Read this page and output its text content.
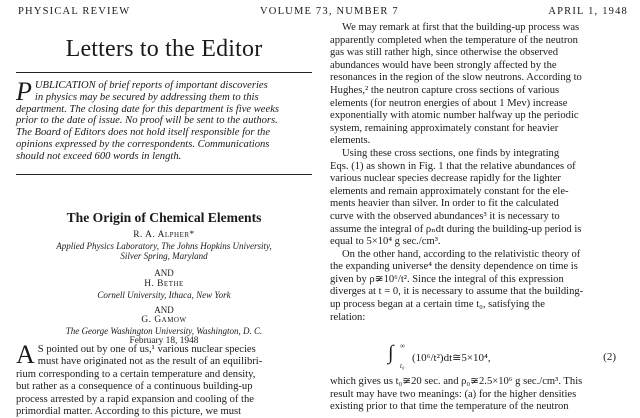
PHYSICAL REVIEW	VOLUME 73, NUMBER 7	APRIL 1, 1948
Letters to the Editor
P UBLICATION of brief reports of important discoveries
in physics may be secured by addressing them to this
department. The closing date for this department is five weeks
prior to the date of issue. No proof will be sent to the authors.
The Board of Editors does not hold itself responsible for the
opinions expressed by the correspondents. Communications
should not exceed 600 words in length.
The Origin of Chemical Elements
R. A. Alpher*
Applied Physics Laboratory, The Johns Hopkins University,
Silver Spring, Maryland
AND
H. Bethe
Cornell University, Ithaca, New York
AND
G. Gamow
The George Washington University, Washington, D. C.
February 18, 1948
A S pointed out by one of us,¹ various nuclear species
must have originated not as the result of an equilibri-
rium corresponding to a certain temperature and density,
but rather as a consequence of a continuous building-up
process arrested by a rapid expansion and cooling of the
primordial matter. According to this picture, we must
We may remark at first that the building-up process was
apparently completed when the temperature of the neutron
gas was still rather high, since otherwise the observed
abundances would have been strongly affected by the
resonances in the region of the slow neutrons. According to
Hughes,² the neutron capture cross sections of various
elements (for neutron energies of about 1 Mev) increase
exponentially with atomic number halfway up the periodic
system, remaining approximately constant for heavier
elements.
Using these cross sections, one finds by integrating
Eqs. (1) as shown in Fig. 1 that the relative abundances of
various nuclear species decrease rapidly for the lighter
elements and remain approximately constant for the ele-
ments heavier than silver. In order to fit the calculated
curve with the observed abundances³ it is necessary to
assume the integral of ρₙdt during the building-up period is
equal to 5×10⁴ g sec./cm³.
On the other hand, according to the relativistic theory of
the expanding universe⁴ the density dependence on time is
given by ρ≆10⁶/t². Since the integral of this expression
diverges at t = 0, it is necessary to assume that the building-
up process began at a certain time t₀, satisfying the
relation:
∫ ∞
t₀
(10⁶/t²)dt≅5×10⁴,	(2)
which gives us t₀≆20 sec. and ρ₀≆2.5×10⁶ g sec./cm³. This
result may have two meanings: (a) for the higher densities
existing prior to that time the temperature of the neutron
